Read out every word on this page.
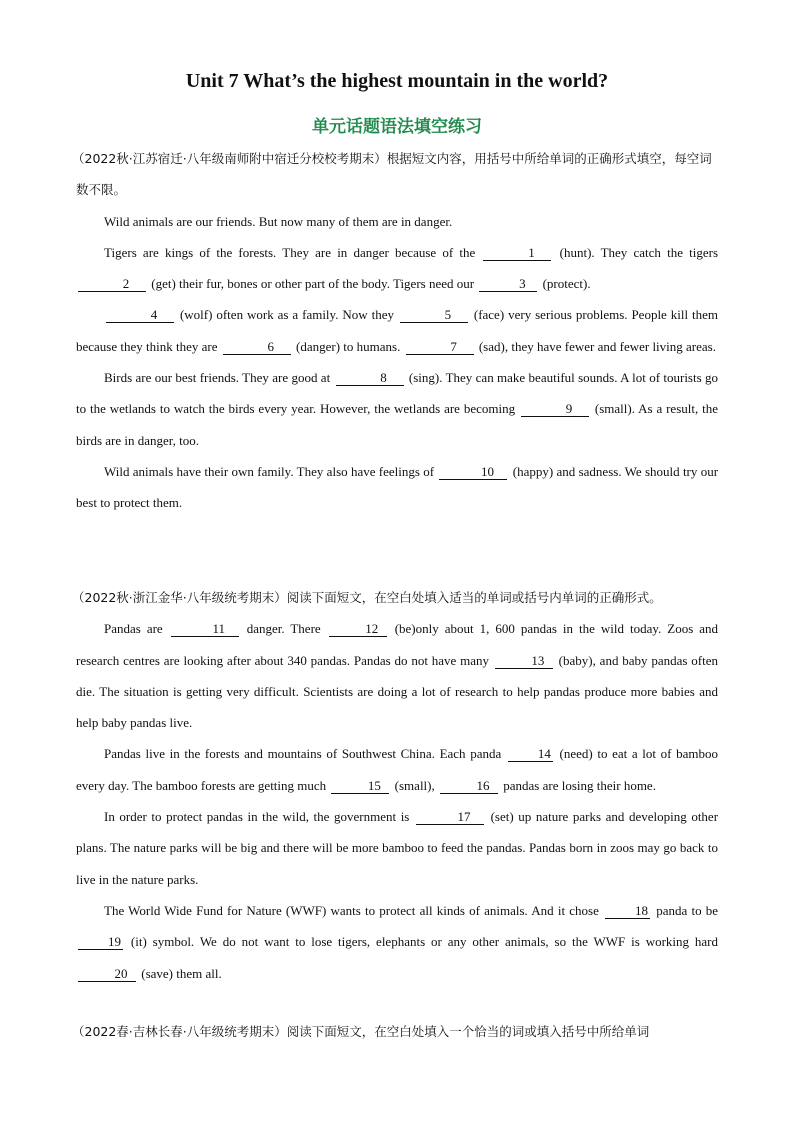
Unit 7 What’s the highest mountain in the world?
单元话题语法填空练习

（2022秋·江苏宿迁·八年级南师附中宿迁分校校考期末）根据短文内容，用括号中所给单词的正确形式填空，每空词数不限。

Wild animals are our friends. But now many of them are in danger.

Tigers are kings of the forests. They are in danger because of the	1 (hunt). They catch the tigers 2 (get) their fur, bones or other part of the body. Tigers need our	3 (protect).

4 (wolf) often work as a family. Now they	5 (face) very serious problems. People kill them because they think they are	6 (danger) to humans.	7 (sad), they have fewer and fewer living areas.

Birds are our best friends. They are good at	8 (sing). They can make beautiful sounds. A lot of tourists go to the wetlands to watch the birds every year. However, the wetlands are becoming	9 (small). As a result, the birds are in danger, too.

Wild animals have their own family. They also have feelings of	10 (happy) and sadness. We should try our best to protect them.

（2022秋·浙江金华·八年级统考期末）阅读下面短文，在空白处填入适当的单词或括号内单词的正确形式。

Pandas are	11 danger. There	12 (be)only about 1, 600 pandas in the wild today. Zoos and research centres are looking after about 340 pandas. Pandas do not have many	13 (baby), and baby pandas often die. The situation is getting very difficult. Scientists are doing a lot of research to help pandas produce more babies and help baby pandas live.

Pandas live in the forests and mountains of Southwest China. Each panda	14 (need) to eat a lot of bamboo every day. The bamboo forests are getting much	15 (small),	16 pandas are losing their home.

In order to protect pandas in the wild, the government is	17 (set) up nature parks and developing other plans. The nature parks will be big and there will be more bamboo to feed the pandas. Pandas born in zoos may go back to live in the nature parks.

The World Wide Fund for Nature (WWF) wants to protect all kinds of animals. And it chose	18 panda to be 19 (it) symbol. We do not want to lose tigers, elephants or any other animals, so the WWF is working hard 20 (save) them all.

（2022春·吉林长春·八年级统考期末）阅读下面短文，在空白处填入一个恰当的词或填入括号中所给单词
